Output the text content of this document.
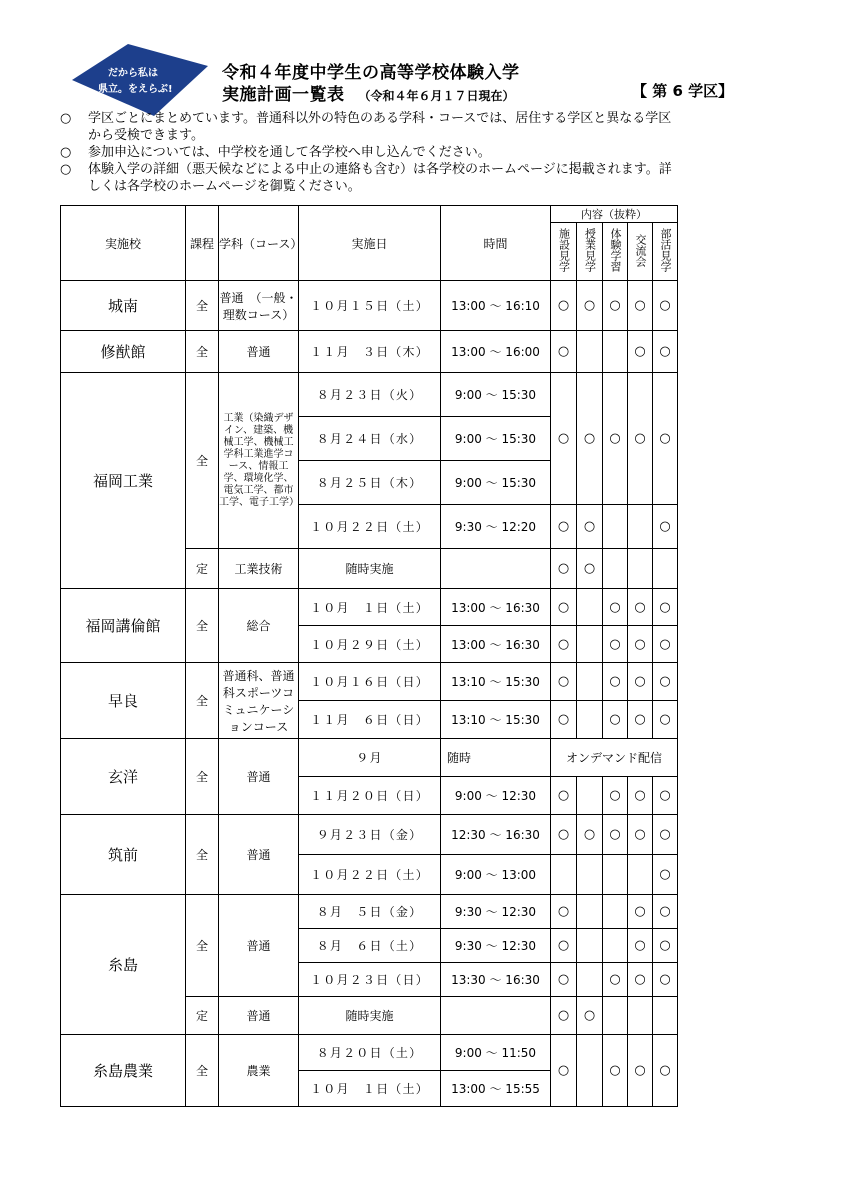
だから私は
県立。をえらぶ!
令和４年度中学生の高等学校体験入学
実施計画一覧表 （令和４年６月１７日現在）	【 第 6 学区】
○	学区ごとにまとめています。普通科以外の特色のある学科・コースでは、居住する学区と異なる学区から受検できます。
○	参加申込については、中学校を通して各学校へ申し込んでください。
○	体験入学の詳細（悪天候などによる中止の連絡も含む）は各学校のホームページに掲載されます。詳しくは各学校のホームページを御覧ください。
実施校	課程	学科（コース）	実施日	時間	内容（抜粋）				
					施設見学	授業見学	体験学習	交流会	部活見学
城南	全	普通　（一般・理数コース）	１０月１５日（土）	13:00 ～ 16:10	○	○	○	○	○
修猷館	全	普通	１１月　３日（木）	13:00 ～ 16:00	○			○	○
福岡工業	全	工業（染織デザイン、建築、機械工学、機械工学科工業進学コース、情報工学、環境化学、電気工学、都市工学、電子工学）	８月２３日（火）	9:00 ～ 15:30	○	○	○	○	○
			８月２４日（水）	9:00 ～ 15:30					
			８月２５日（木）	9:00 ～ 15:30					
			１０月２２日（土）	9:30 ～ 12:20	○	○			○
	定	工業技術	随時実施		○	○			
福岡講倫館	全	総合	１０月　１日（土）	13:00 ～ 16:30	○		○	○	○
			１０月２９日（土）	13:00 ～ 16:30	○		○	○	○
早良	全	普通科、普通科スポーツコミュニケーションコース	１０月１６日（日）	13:10 ～ 15:30	○		○	○	○
			１１月　６日（日）	13:10 ～ 15:30	○		○	○	○
玄洋	全	普通	９月	随時	オンデマンド配信				
			１１月２０日（日）	9:00 ～ 12:30	○		○	○	○
筑前	全	普通	９月２３日（金）	12:30 ～ 16:30	○	○	○	○	○
			１０月２２日（土）	9:00 ～ 13:00					○
糸島	全	普通	８月　５日（金）	9:30 ～ 12:30	○			○	○
			８月　６日（土）	9:30 ～ 12:30	○			○	○
			１０月２３日（日）	13:30 ～ 16:30	○		○	○	○
	定	普通	随時実施		○	○			
糸島農業	全	農業	８月２０日（土）	9:00 ～ 11:50	○		○	○	○
			１０月　１日（土）	13:00 ～ 15:55					
